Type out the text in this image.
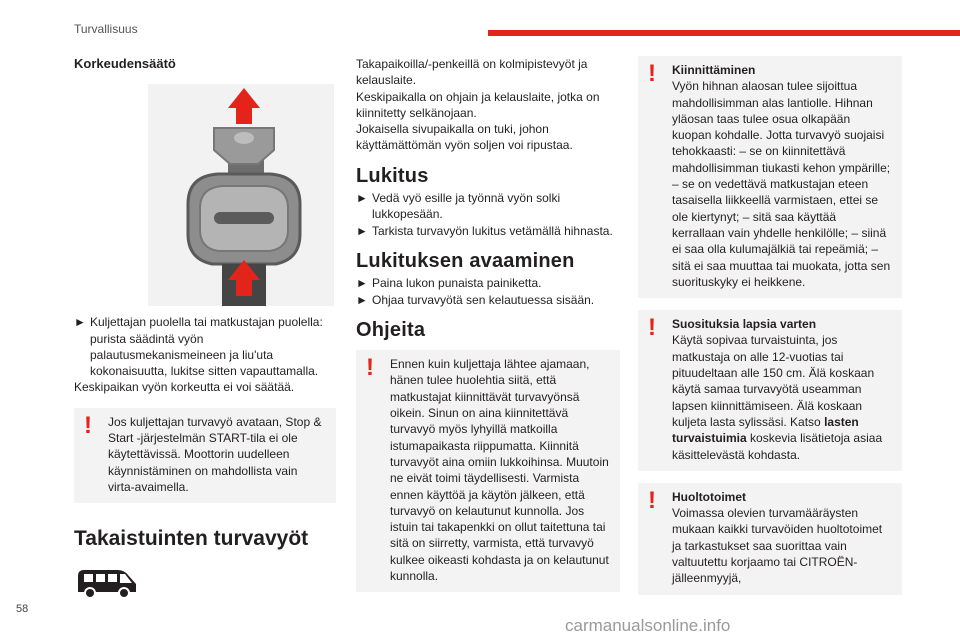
Turvallisuus
Korkeudensäätö
► Kuljettajan puolella tai matkustajan puolella: purista säädintä vyön palautusmekanismeineen ja liu'uta kokonaisuutta, lukitse sitten vapauttamalla.

Keskipaikan vyön korkeutta ei voi säätää.

!	Jos kuljettajan turvavyö avataan, Stop & Start -järjestelmän START-tila ei ole käytettävissä. Moottorin uudelleen käynnistäminen on mahdollista vain virta-avaimella.

Takaistuinten turvavyöt

Takapaikoilla/-penkeillä on kolmipistevyöt ja kelauslaite.

Keskipaikalla on ohjain ja kelauslaite, jotka on kiinnitetty selkänojaan.

Jokaisella sivupaikalla on tuki, johon käyttämättömän vyön soljen voi ripustaa.

Lukitus
► Vedä vyö esille ja työnnä vyön solki lukkopesään.
► Tarkista turvavyön lukitus vetämällä hihnasta.
Lukituksen avaaminen
► Paina lukon punaista painiketta.
► Ohjaa turvavyötä sen kelautuessa sisään.
Ohjeita
!	Ennen kuin kuljettaja lähtee ajamaan, hänen tulee huolehtia siitä, että matkustajat kiinnittävät turvavyönsä oikein. Sinun on aina kiinnitettävä turvavyö myös lyhyillä matkoilla istumapaikasta riippumatta. Kiinnitä turvavyöt aina omiin lukkoihinsa. Muutoin ne eivät toimi täydellisesti. Varmista ennen käyttöä ja käytön jälkeen, että turvavyö on kelautunut kunnolla. Jos istuin tai takapenkki on ollut taitettuna tai sitä on siirretty, varmista, että turvavyö kulkee oikeasti kohdasta ja on kelautunut kunnolla.

!	Kiinnittäminen

Vyön hihnan alaosan tulee sijoittua mahdollisimman alas lantiolle. Hihnan yläosan taas tulee osua olkapään kuopan kohdalle. Jotta turvavyö suojaisi tehokkaasti: – se on kiinnitettävä mahdollisimman tiukasti kehon ympärille; – se on vedettävä matkustajan eteen tasaisella liikkeellä varmistaen, ettei se ole kiertynyt; – sitä saa käyttää kerrallaan vain yhdelle henkilölle; – siinä ei saa olla kulumajälkiä tai repeämiä; – sitä ei saa muuttaa tai muokata, jotta sen suorituskyky ei heikkene.

!	Suosituksia lapsia varten

Käytä sopivaa turvaistuinta, jos matkustaja on alle 12-vuotias tai pituudeltaan alle 150 cm. Älä koskaan käytä samaa turvavyötä useamman lapsen kiinnittämiseen. Älä koskaan kuljeta lasta sylissäsi. Katso lasten turvaistuimia koskevia lisätietoja asiaa käsittelevästä kohdasta.

!	Huoltotoimet

Voimassa olevien turvamääräysten mukaan kaikki turvavöiden huoltotoimet ja tarkastukset saa suorittaa vain valtuutettu korjaamo tai CITROËN-jälleenmyyjä,

58
carmanualsonline.info
